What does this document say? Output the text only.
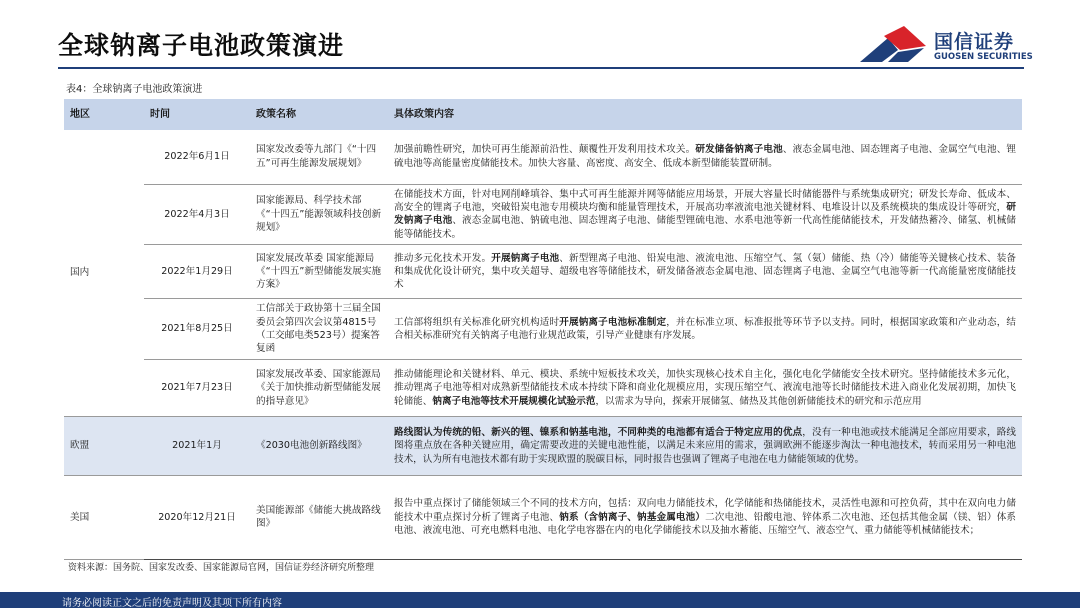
全球钠离子电池政策演进	国信证券
GUOSEN SECURITIES
表4：全球钠离子电池政策演进
地区	时间	政策名称	具体政策内容
国内	2022年6月1日	国家发改委等九部门《“十四五”可再生能源发展规划》	加强前瞻性研究，加快可再生能源前沿性、颠覆性开发利用技术攻关。研发储备钠离子电池、液态金属电池、固态锂离子电池、金属空气电池、锂硫电池等高能量密度储能技术。加快大容量、高密度、高安全、低成本新型储能装置研制。
	2022年4月3日	国家能源局、科学技术部《“十四五”能源领域科技创新规划》	在储能技术方面，针对电网削峰填谷、集中式可再生能源并网等储能应用场景，开展大容量长时储能器件与系统集成研究；研发长寿命、低成本、高安全的锂离子电池，突破铅炭电池专用模块均衡和能量管理技术，开展高功率液流电池关键材料、电堆设计以及系统模块的集成设计等研究，研发钠离子电池、液态金属电池、钠硫电池、固态锂离子电池、储能型锂硫电池、水系电池等新一代高性能储能技术，开发储热蓄冷、储氢、机械储能等储能技术。
	2022年1月29日	国家发展改革委 国家能源局《“十四五”新型储能发展实施方案》	推动多元化技术开发。开展钠离子电池、新型锂离子电池、铅炭电池、液流电池、压缩空气、氢（氨）储能、热（冷）储能等关键核心技术、装备和集成优化设计研究，集中攻关超导、超级电容等储能技术，研发储备液态金属电池、固态锂离子电池、金属空气电池等新一代高能量密度储能技术
	2021年8月25日	工信部关于政协第十三届全国委员会第四次会议第4815号（工交邮电类523号）提案答复函	工信部将组织有关标准化研究机构适时开展钠离子电池标准制定，并在标准立项、标准报批等环节予以支持。同时，根据国家政策和产业动态，结合相关标准研究有关钠离子电池行业规范政策，引导产业健康有序发展。
	2021年7月23日	国家发展改革委、国家能源局《关于加快推动新型储能发展的指导意见》	推动储能理论和关键材料、单元、模块、系统中短板技术攻关，加快实现核心技术自主化，强化电化学储能安全技术研究。坚持储能技术多元化，推动锂离子电池等相对成熟新型储能技术成本持续下降和商业化规模应用，实现压缩空气、液流电池等长时储能技术进入商业化发展初期，加快飞轮储能、钠离子电池等技术开展规模化试验示范，以需求为导向，探索开展储氢、储热及其他创新储能技术的研究和示范应用
欧盟	2021年1月	《2030电池创新路线图》	路线图认为传统的铅、新兴的锂、镍系和钠基电池，不同种类的电池都有适合于特定应用的优点，没有一种电池或技术能满足全部应用要求，路线图将重点放在各种关键应用，确定需要改进的关键电池性能，以满足未来应用的需求，强调欧洲不能逐步淘汰一种电池技术，转而采用另一种电池技术，认为所有电池技术都有助于实现欧盟的脱碳目标，同时报告也强调了锂离子电池在电力储能领域的优势。
美国	2020年12月21日	美国能源部《储能大挑战路线图》	报告中重点探讨了储能领域三个不同的技术方向，包括：双向电力储能技术，化学储能和热储能技术，灵活性电源和可控负荷，其中在双向电力储能技术中重点探讨分析了锂离子电池、钠系（含钠离子、钠基金属电池）二次电池、铅酸电池、锌体系二次电池、还包括其他金属（镁、铝）体系电池、液流电池、可充电燃料电池、电化学电容器在内的电化学储能技术以及抽水蓄能、压缩空气、液态空气、重力储能等机械储能技术；
资料来源：国务院、国家发改委、国家能源局官网，国信证券经济研究所整理
请务必阅读正文之后的免责声明及其项下所有内容
